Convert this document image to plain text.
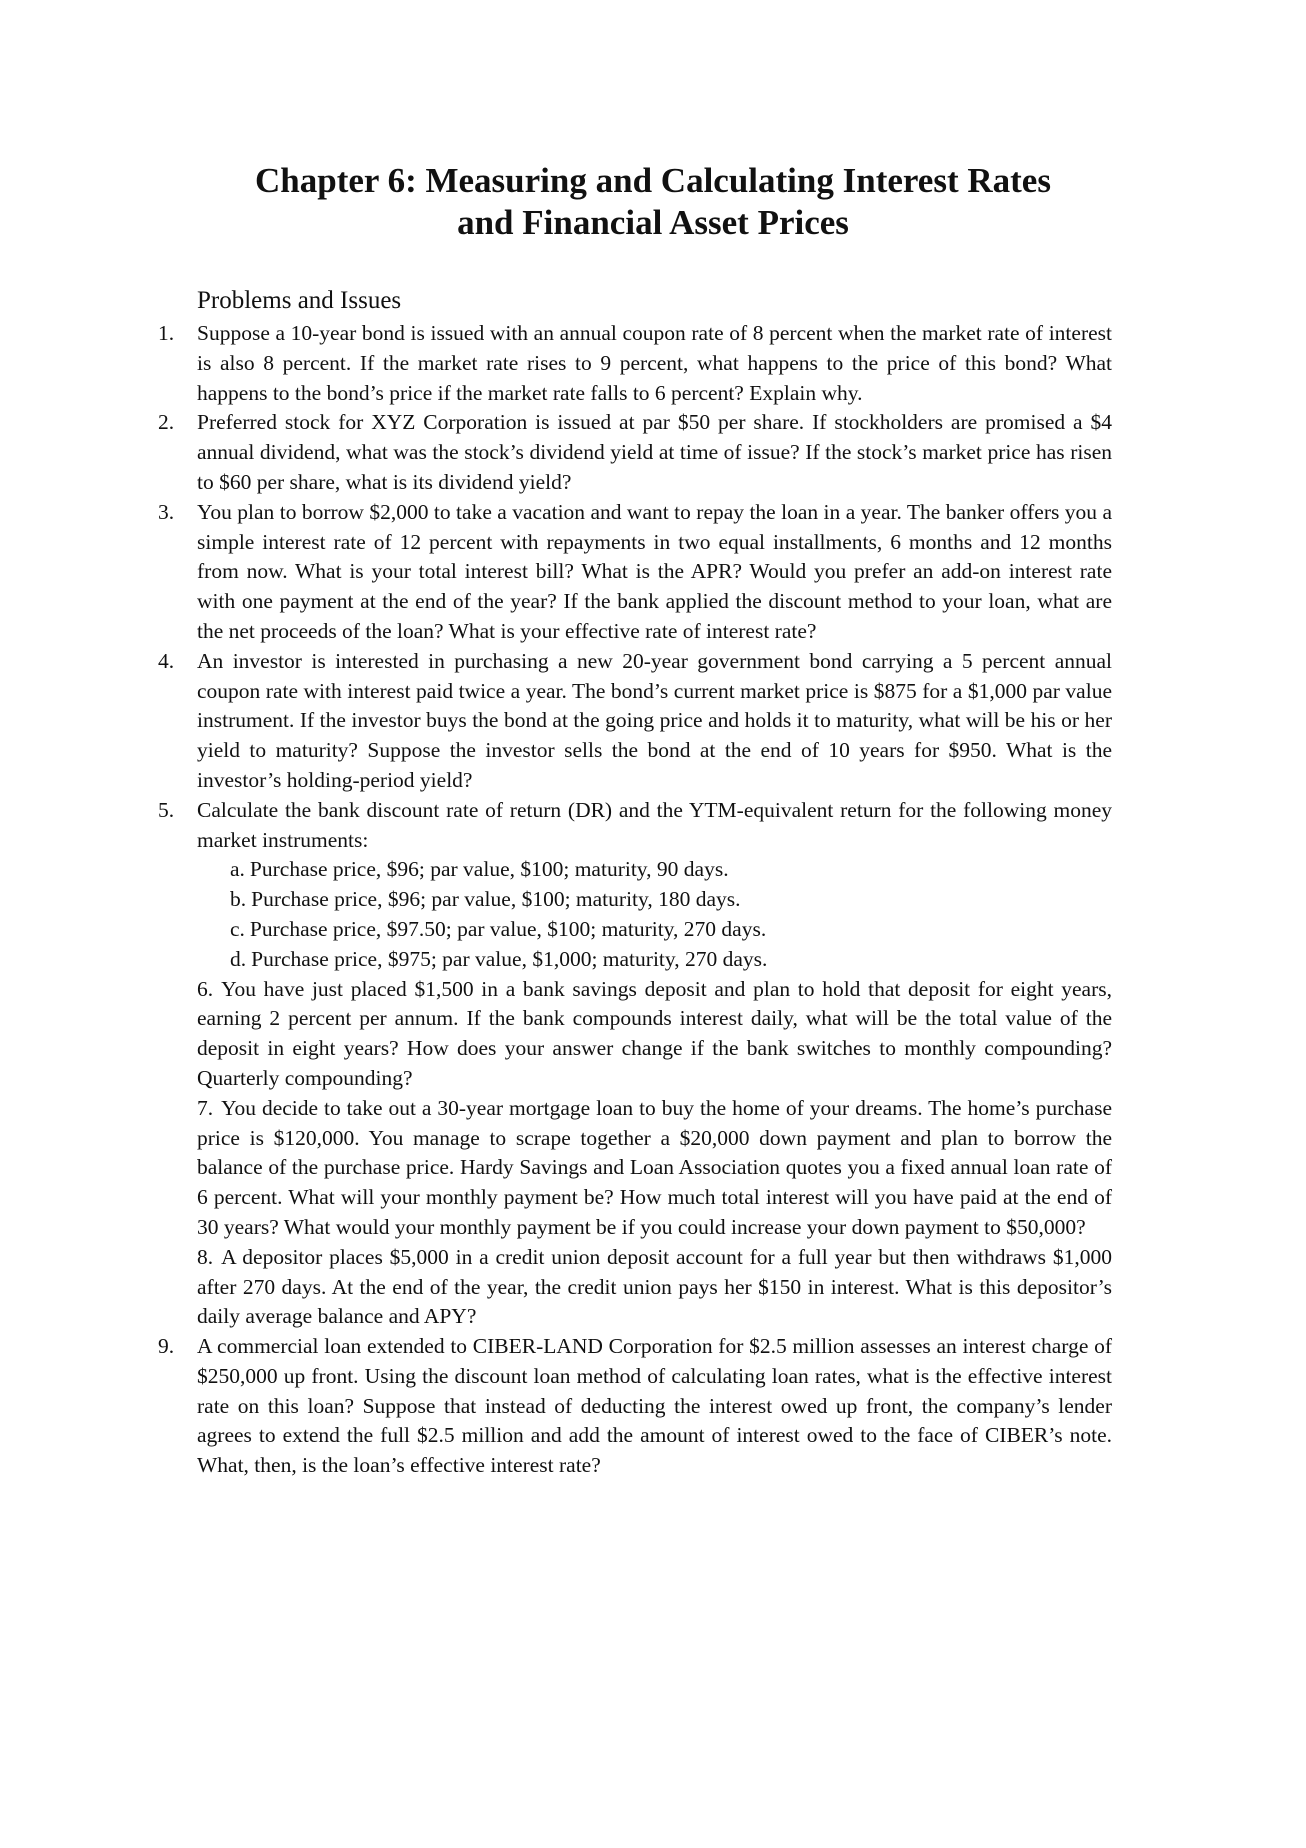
Chapter 6: Measuring and Calculating Interest Rates
and Financial Asset Prices
Problems and Issues
1. Suppose a 10-year bond is issued with an annual coupon rate of 8 percent when the market rate of interest is also 8 percent. If the market rate rises to 9 percent, what happens to the price of this bond? What happens to the bond’s price if the market rate falls to 6 percent? Explain why.
2. Preferred stock for XYZ Corporation is issued at par $50 per share. If stockholders are promised a $4 annual dividend, what was the stock’s dividend yield at time of issue? If the stock’s market price has risen to $60 per share, what is its dividend yield?
3. You plan to borrow $2,000 to take a vacation and want to repay the loan in a year. The banker offers you a simple interest rate of 12 percent with repayments in two equal installments, 6 months and 12 months from now. What is your total interest bill? What is the APR? Would you prefer an add-on interest rate with one payment at the end of the year? If the bank applied the discount method to your loan, what are the net proceeds of the loan? What is your effective rate of interest rate?
4. An investor is interested in purchasing a new 20-year government bond carrying a 5 percent annual coupon rate with interest paid twice a year. The bond’s current market price is $875 for a $1,000 par value instrument. If the investor buys the bond at the going price and holds it to maturity, what will be his or her yield to maturity? Suppose the investor sells the bond at the end of 10 years for $950. What is the investor’s holding-period yield?
5. Calculate the bank discount rate of return (DR) and the YTM-equivalent return for the following money market instruments:
a. Purchase price, $96; par value, $100; maturity, 90 days.
b. Purchase price, $96; par value, $100; maturity, 180 days.
c. Purchase price, $97.50; par value, $100; maturity, 270 days.
d. Purchase price, $975; par value, $1,000; maturity, 270 days.
6. You have just placed $1,500 in a bank savings deposit and plan to hold that deposit for eight years, earning 2 percent per annum. If the bank compounds interest daily, what will be the total value of the deposit in eight years? How does your answer change if the bank switches to monthly compounding? Quarterly compounding?
7. You decide to take out a 30-year mortgage loan to buy the home of your dreams. The home’s purchase price is $120,000. You manage to scrape together a $20,000 down payment and plan to borrow the balance of the purchase price. Hardy Savings and Loan Association quotes you a fixed annual loan rate of 6 percent. What will your monthly payment be? How much total interest will you have paid at the end of 30 years? What would your monthly payment be if you could increase your down payment to $50,000?
8. A depositor places $5,000 in a credit union deposit account for a full year but then withdraws $1,000 after 270 days. At the end of the year, the credit union pays her $150 in interest. What is this depositor’s daily average balance and APY?
9. A commercial loan extended to CIBER-LAND Corporation for $2.5 million assesses an interest charge of $250,000 up front. Using the discount loan method of calculating loan rates, what is the effective interest rate on this loan? Suppose that instead of deducting the interest owed up front, the company’s lender agrees to extend the full $2.5 million and add the amount of interest owed to the face of CIBER’s note. What, then, is the loan’s effective interest rate?
